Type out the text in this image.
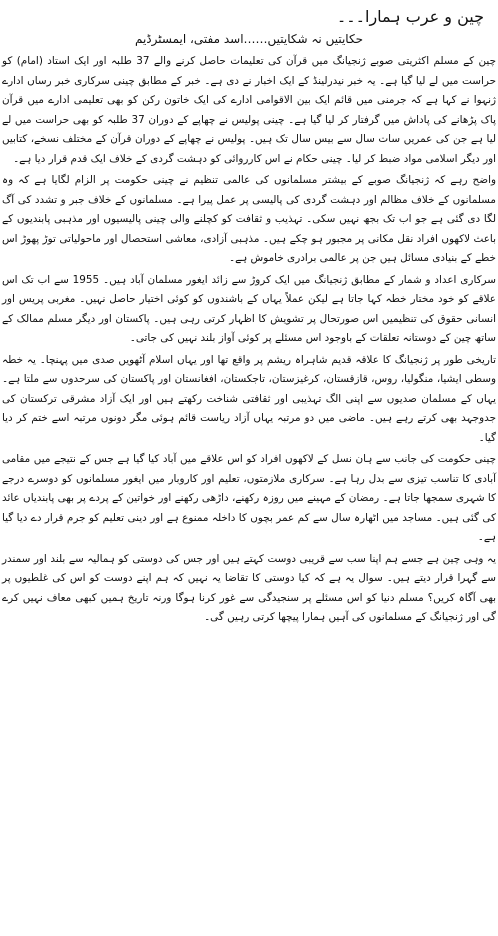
چین و عرب ہمارا۔۔۔
حکایتیں نہ شکایتیں……اسد مفتی، ایمسٹرڈیم

چین کے مسلم اکثریتی صوبے ژنجیانگ میں قرآن کی تعلیمات حاصل کرنے والے 37 طلبہ اور ایک استاد (امام) کو حراست میں لے لیا گیا ہے۔ یہ خبر نیدرلینڈ کے ایک اخبار نے دی ہے۔ خبر کے مطابق چینی سرکاری خبر رساں ادارے ژنہوا نے کہا ہے کہ جرمنی میں قائم ایک بین الاقوامی ادارے کی ایک خاتون رکن کو بھی تعلیمی ادارے میں قرآن پاک پڑھانے کی پاداش میں گرفتار کر لیا گیا ہے۔ چینی پولیس نے چھاپے کے دوران 37 طلبہ کو بھی حراست میں لے لیا ہے جن کی عمریں سات سال سے بیس سال تک ہیں۔ پولیس نے چھاپے کے دوران قرآن کے مختلف نسخے، کتابیں اور دیگر اسلامی مواد ضبط کر لیا۔ چینی حکام نے اس کارروائی کو دہشت گردی کے خلاف ایک قدم قرار دیا ہے۔

واضح رہے کہ ژنجیانگ صوبے کے بیشتر مسلمانوں کی عالمی تنظیم نے چینی حکومت پر الزام لگایا ہے کہ وہ مسلمانوں کے خلاف مظالم اور دہشت گردی کی پالیسی پر عمل پیرا ہے۔ مسلمانوں کے خلاف جبر و تشدد کی آگ لگا دی گئی ہے جو اب تک بجھ نہیں سکی۔ تہذیب و ثقافت کو کچلنے والی چینی پالیسیوں اور مذہبی پابندیوں کے باعث لاکھوں افراد نقل مکانی پر مجبور ہو چکے ہیں۔ مذہبی آزادی، معاشی استحصال اور ماحولیاتی توڑ پھوڑ اس خطے کے بنیادی مسائل ہیں جن پر عالمی برادری خاموش ہے۔

سرکاری اعداد و شمار کے مطابق ژنجیانگ میں ایک کروڑ سے زائد ایغور مسلمان آباد ہیں۔ 1955 سے اب تک اس علاقے کو خود مختار خطہ کہا جاتا ہے لیکن عملاً یہاں کے باشندوں کو کوئی اختیار حاصل نہیں۔ مغربی پریس اور انسانی حقوق کی تنظیمیں اس صورتحال پر تشویش کا اظہار کرتی رہی ہیں۔ پاکستان اور دیگر مسلم ممالک کے ساتھ چین کے دوستانہ تعلقات کے باوجود اس مسئلے پر کوئی آواز بلند نہیں کی جاتی۔

تاریخی طور پر ژنجیانگ کا علاقہ قدیم شاہراہ ریشم پر واقع تھا اور یہاں اسلام آٹھویں صدی میں پہنچا۔ یہ خطہ وسطی ایشیا، منگولیا، روس، قازقستان، کرغیزستان، تاجکستان، افغانستان اور پاکستان کی سرحدوں سے ملتا ہے۔ یہاں کے مسلمان صدیوں سے اپنی الگ تہذیبی اور ثقافتی شناخت رکھتے ہیں اور ایک آزاد مشرقی ترکستان کی جدوجہد بھی کرتے رہے ہیں۔ ماضی میں دو مرتبہ یہاں آزاد ریاست قائم ہوئی مگر دونوں مرتبہ اسے ختم کر دیا گیا۔

چینی حکومت کی جانب سے ہان نسل کے لاکھوں افراد کو اس علاقے میں آباد کیا گیا ہے جس کے نتیجے میں مقامی آبادی کا تناسب تیزی سے بدل رہا ہے۔ سرکاری ملازمتوں، تعلیم اور کاروبار میں ایغور مسلمانوں کو دوسرے درجے کا شہری سمجھا جاتا ہے۔ رمضان کے مہینے میں روزہ رکھنے، داڑھی رکھنے اور خواتین کے پردے پر بھی پابندیاں عائد کی گئی ہیں۔ مساجد میں اٹھارہ سال سے کم عمر بچوں کا داخلہ ممنوع ہے اور دینی تعلیم کو جرم قرار دے دیا گیا ہے۔

یہ وہی چین ہے جسے ہم اپنا سب سے قریبی دوست کہتے ہیں اور جس کی دوستی کو ہمالیہ سے بلند اور سمندر سے گہرا قرار دیتے ہیں۔ سوال یہ ہے کہ کیا دوستی کا تقاضا یہ نہیں کہ ہم اپنے دوست کو اس کی غلطیوں پر بھی آگاہ کریں؟ مسلم دنیا کو اس مسئلے پر سنجیدگی سے غور کرنا ہوگا ورنہ تاریخ ہمیں کبھی معاف نہیں کرے گی اور ژنجیانگ کے مسلمانوں کی آہیں ہمارا پیچھا کرتی رہیں گی۔
